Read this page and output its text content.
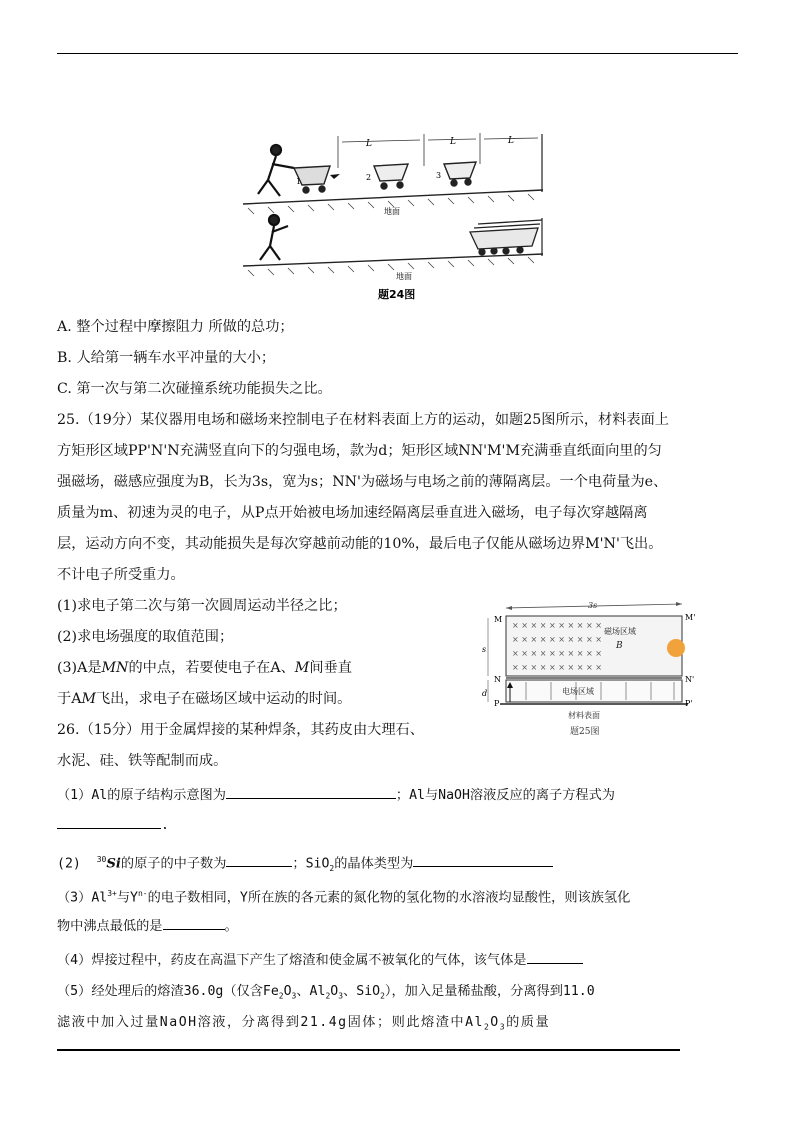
L	L	L
1	2	3
地面
地面
题24图
A. 整个过程中摩擦阻力 所做的总功；
B. 人给第一辆车水平冲量的大小；
C. 第一次与第二次碰撞系统功能损失之比。
25.（19分）某仪器用电场和磁场来控制电子在材料表面上方的运动，如题25图所示，材料表面上
方矩形区域PP'N'N充满竖直向下的匀强电场，款为d；矩形区域NN'M'M充满垂直纸面向里的匀
强磁场，磁感应强度为B，长为3s，宽为s；NN'为磁场与电场之前的薄隔离层。一个电荷量为e、
质量为m、初速为灵的电子，从P点开始被电场加速经隔离层垂直进入磁场，电子每次穿越隔离
层，运动方向不变，其动能损失是每次穿越前动能的10%，最后电子仅能从磁场边界M'N'飞出。
不计电子所受重力。
(1)求电子第二次与第一次圆周运动半径之比；
(2)求电场强度的取值范围；
(3)A是MN的中点，若要使电子在A、M间垂直
于AM飞出，求电子在磁场区域中运动的时间。
3s
× × × × × × × × × ×
× × × × × × × × × ×
× × × × × × × × × ×
× × × × × × × × × ×
磁场区域
B
电场区域
材料表面
M	M'
N	N'
P	P'
s
d
题25图
26.（15分）用于金属焊接的某种焊条，其药皮由大理石、
水泥、硅、铁等配制而成。
（1）Al的原子结构示意图为	；Al与NaOH溶液反应的离子方程式为
.
(2) $^{30}$Si的原子的中子数为	；SiO$_2$的晶体类型为
$(3)Al^{3+}$与$Y^{n-}$的电子数相同，Y所在族的各元素的氮化物的氢化物的水溶液均显酸性，则该族氢化
物中沸点最低的是	。
（4）焊接过程中，药皮在高温下产生了熔渣和使金属不被氧化的气体，该气体是
（5）经处理后的熔渣36.0g（仅含$Fe_2O_3$、$Al_2O_3$、SiO$_2$），加入足量稀盐酸，分离得到11.0
滤液中加入过量NaOH溶液，分离得到21.4g固体；则此熔渣中$Al_2O_3$的质量
